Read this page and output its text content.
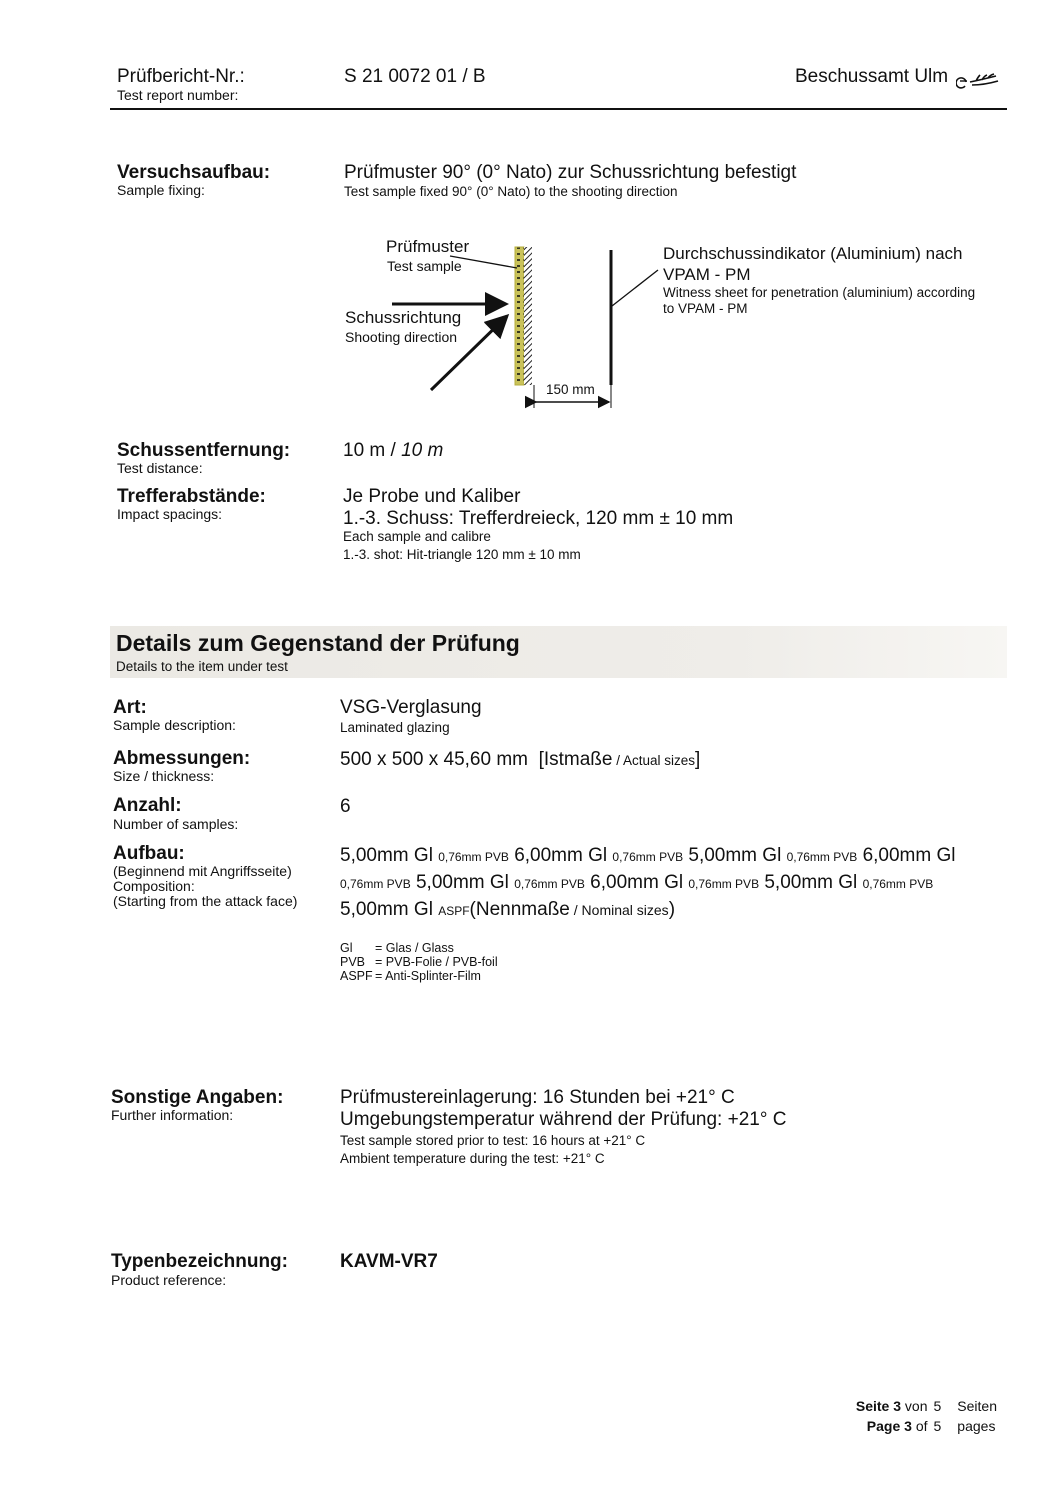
Prüfbericht-Nr.:
Test report number:
S 21 0072 01 / B	Beschussamt Ulm
Versuchsaufbau:
Sample fixing:
Prüfmuster 90° (0° Nato) zur Schussrichtung befestigt
Test sample fixed 90° (0° Nato) to the shooting direction
Prüfmuster
Test sample
Schussrichtung
Shooting direction
Durchschussindikator (Aluminium) nach
VPAM - PM
Witness sheet for penetration (aluminium) according
to VPAM - PM
150 mm
Schussentfernung:
Test distance:
10 m / 10 m
Trefferabstände:
Impact spacings:
Je Probe und Kaliber
1.-3. Schuss: Trefferdreieck, 120 mm ± 10 mm
Each sample and calibre
1.-3. shot: Hit-triangle 120 mm ± 10 mm
Details zum Gegenstand der Prüfung
Details to the item under test
Art:
Sample description:
VSG-Verglasung
Laminated glazing
Abmessungen:
Size / thickness:
500 x 500 x 45,60 mm [Istmaße / Actual sizes]
Anzahl:
Number of samples:
6
Aufbau:
(Beginnend mit Angriffsseite)
Composition:
(Starting from the attack face)
5,00mm Gl 0,76mm PVB 6,00mm Gl 0,76mm PVB 5,00mm Gl 0,76mm PVB 6,00mm Gl
0,76mm PVB 5,00mm Gl 0,76mm PVB 6,00mm Gl 0,76mm PVB 5,00mm Gl 0,76mm PVB
5,00mm Gl ASPF(Nennmaße / Nominal sizes)
Gl	= Glas / Glass
PVB	= PVB-Folie / PVB-foil
ASPF	= Anti-Splinter-Film
Sonstige Angaben:
Further information:
Prüfmustereinlagerung: 16 Stunden bei +21° C
Umgebungstemperatur während der Prüfung: +21° C
Test sample stored prior to test: 16 hours at +21° C
Ambient temperature during the test: +21° C
Typenbezeichnung:
Product reference:
KAVM-VR7
Seite 3 von	5	Seiten
Page 3 of	5	pages
